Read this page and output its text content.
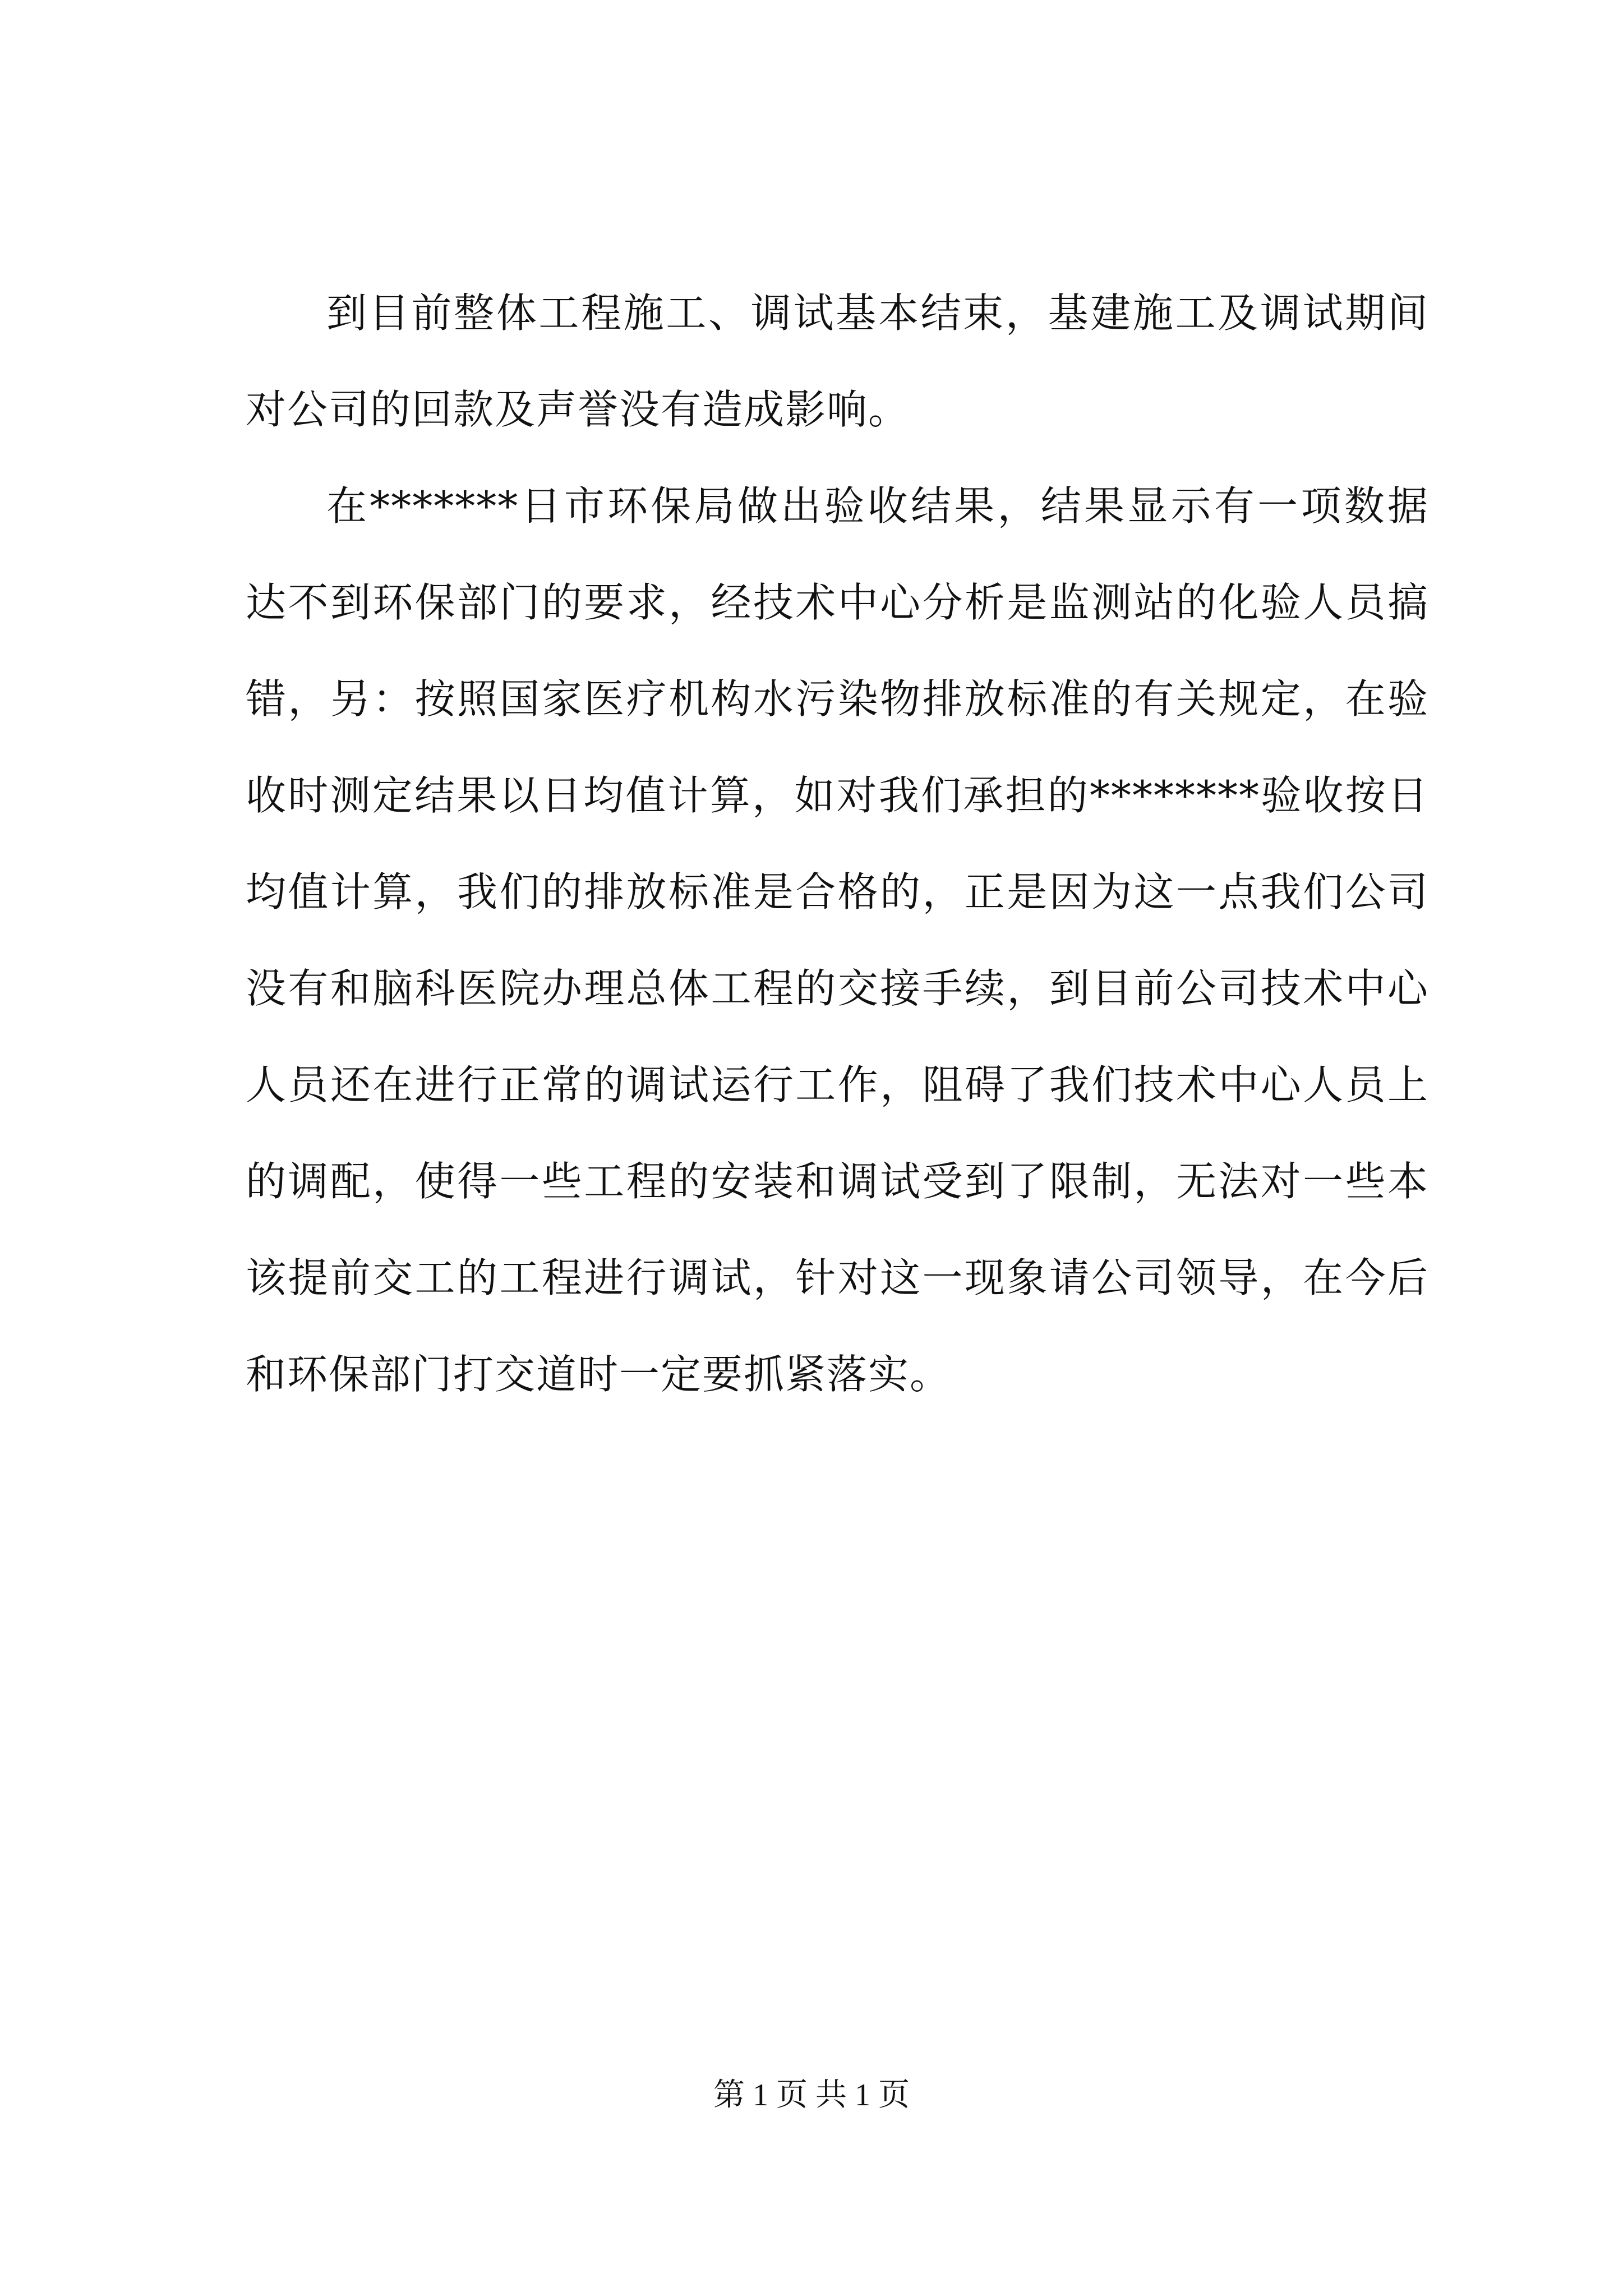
到目前整体工程施工、调试基本结束，基建施工及调试期间对公司的回款及声誉没有造成影响。

在*******日市环保局做出验收结果，结果显示有一项数据达不到环保部门的要求，经技术中心分析是监测站的化验人员搞错，另：按照国家医疗机构水污染物排放标准的有关规定，在验收时测定结果以日均值计算，如对我们承担的********验收按日均值计算，我们的排放标准是合格的，正是因为这一点我们公司没有和脑科医院办理总体工程的交接手续，到目前公司技术中心人员还在进行正常的调试运行工作，阻碍了我们技术中心人员上的调配，使得一些工程的安装和调试受到了限制，无法对一些本该提前交工的工程进行调试，针对这一现象请公司领导，在今后和环保部门打交道时一定要抓紧落实。

第 1 页 共 1 页
